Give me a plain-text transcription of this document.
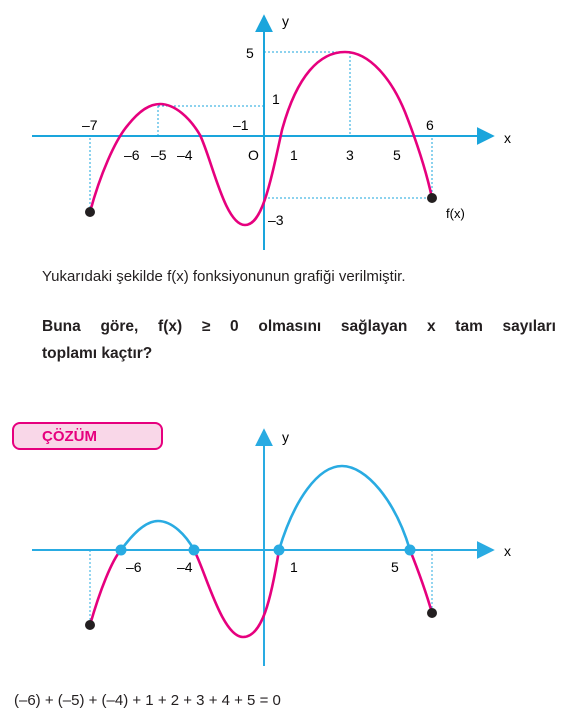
y
x
5
1
–3
–7	–1	6
–6 –5 –4	O 1	3	5
f(x)
Yukarıdaki şekilde f(x) fonksiyonunun grafiği verilmiştir.
Buna göre, f(x) ≥ 0 olmasını sağlayan x tam sayıları
toplamı kaçtır?
ÇÖZÜM	y
x
–6	–4	1	5
(–6) + (–5) + (–4) + 1 + 2 + 3 + 4 + 5 = 0
